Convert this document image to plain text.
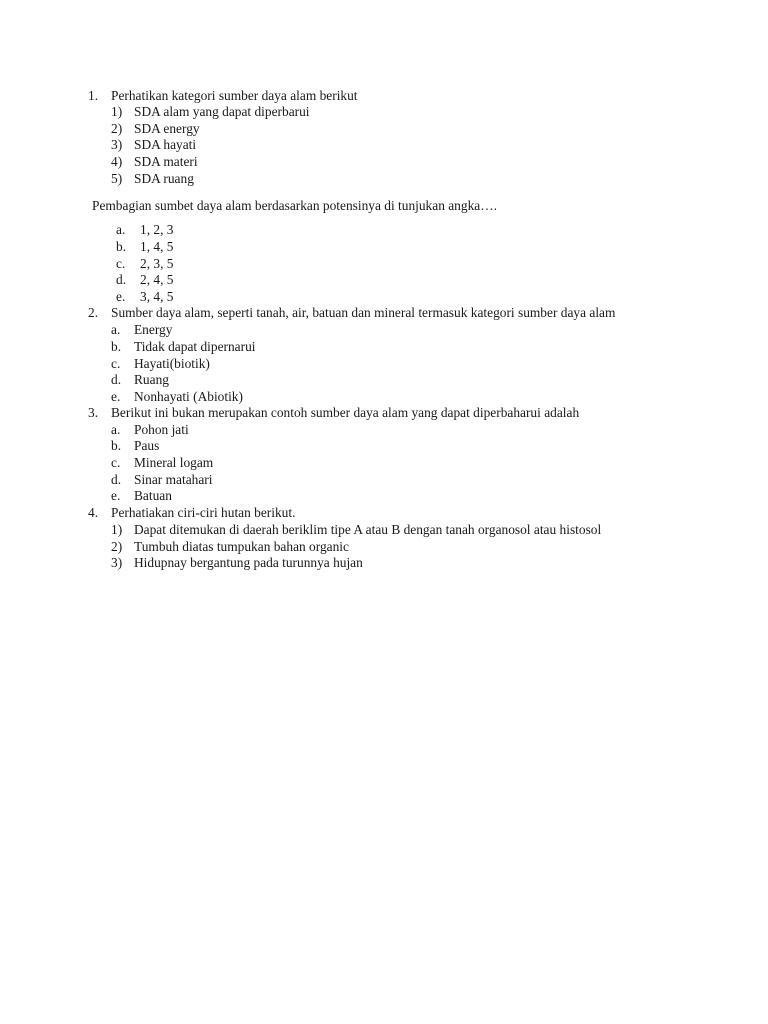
1. Perhatikan kategori sumber daya alam berikut
1) SDA alam yang dapat diperbarui
2) SDA energy
3) SDA hayati
4) SDA materi
5) SDA ruang
Pembagian sumbet daya alam berdasarkan potensinya di tunjukan angka….
a. 1, 2, 3
b. 1, 4, 5
c. 2, 3, 5
d. 2, 4, 5
e. 3, 4, 5
2. Sumber daya alam, seperti tanah, air, batuan dan mineral termasuk kategori sumber daya alam
a. Energy
b. Tidak dapat dipernarui
c. Hayati(biotik)
d. Ruang
e. Nonhayati (Abiotik)
3. Berikut ini bukan merupakan contoh sumber daya alam yang dapat diperbaharui adalah
a. Pohon jati
b. Paus
c. Mineral logam
d. Sinar matahari
e. Batuan
4. Perhatiakan ciri-ciri hutan berikut.
1) Dapat ditemukan di daerah beriklim tipe A atau B dengan tanah organosol atau histosol
2) Tumbuh diatas tumpukan bahan organic
3) Hidupnay bergantung pada turunnya hujan
